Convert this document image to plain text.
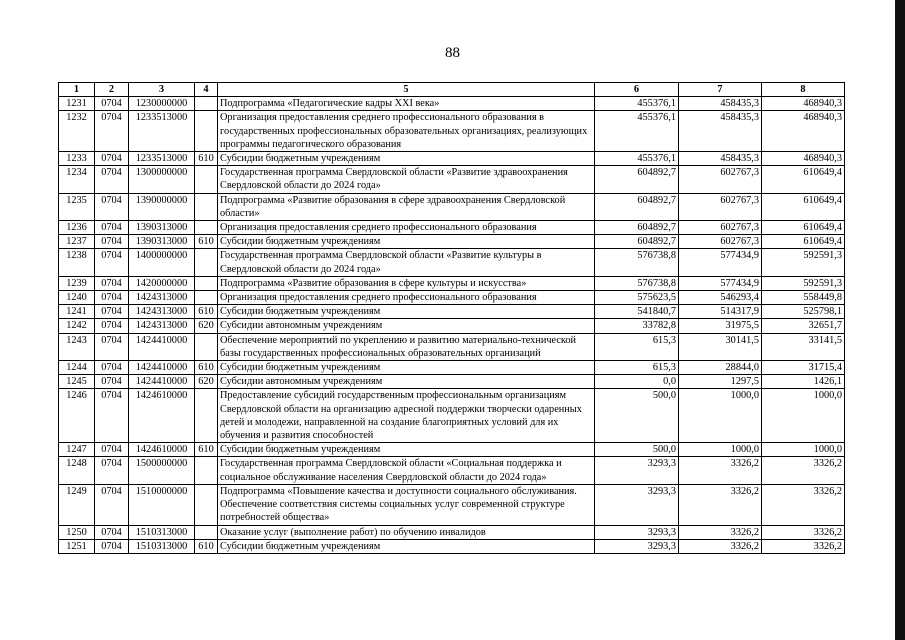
88
1	2	3	4	5	6	7	8
1231	0704	1230000000		Подпрограмма «Педагогические кадры XXI века»	455376,1	458435,3	468940,3
1232	0704	1233513000		Организация предоставления среднего профессионального образования в государственных профессиональных образовательных организациях, реализующих программы педагогического образования	455376,1	458435,3	468940,3
1233	0704	1233513000	610	Субсидии бюджетным учреждениям	455376,1	458435,3	468940,3
1234	0704	1300000000		Государственная программа Свердловской области «Развитие здравоохранения Свердловской области до 2024 года»	604892,7	602767,3	610649,4
1235	0704	1390000000		Подпрограмма «Развитие образования в сфере здравоохранения Свердловской области»	604892,7	602767,3	610649,4
1236	0704	1390313000		Организация предоставления среднего профессионального образования	604892,7	602767,3	610649,4
1237	0704	1390313000	610	Субсидии бюджетным учреждениям	604892,7	602767,3	610649,4
1238	0704	1400000000		Государственная программа Свердловской области «Развитие культуры в Свердловской области до 2024 года»	576738,8	577434,9	592591,3
1239	0704	1420000000		Подпрограмма «Развитие образования в сфере культуры и искусства»	576738,8	577434,9	592591,3
1240	0704	1424313000		Организация предоставления среднего профессионального образования	575623,5	546293,4	558449,8
1241	0704	1424313000	610	Субсидии бюджетным учреждениям	541840,7	514317,9	525798,1
1242	0704	1424313000	620	Субсидии автономным учреждениям	33782,8	31975,5	32651,7
1243	0704	1424410000		Обеспечение мероприятий по укреплению и развитию материально-технической базы государственных профессиональных образовательных организаций	615,3	30141,5	33141,5
1244	0704	1424410000	610	Субсидии бюджетным учреждениям	615,3	28844,0	31715,4
1245	0704	1424410000	620	Субсидии автономным учреждениям	0,0	1297,5	1426,1
1246	0704	1424610000		Предоставление субсидий государственным профессиональным организациям Свердловской области на организацию адресной поддержки творчески одаренных детей и молодежи, направленной на создание благоприятных условий для их обучения и развития способностей	500,0	1000,0	1000,0
1247	0704	1424610000	610	Субсидии бюджетным учреждениям	500,0	1000,0	1000,0
1248	0704	1500000000		Государственная программа Свердловской области «Социальная поддержка и социальное обслуживание населения Свердловской области до 2024 года»	3293,3	3326,2	3326,2
1249	0704	1510000000		Подпрограмма «Повышение качества и доступности социального обслуживания. Обеспечение соответствия системы социальных услуг современной структуре потребностей общества»	3293,3	3326,2	3326,2
1250	0704	1510313000		Оказание услуг (выполнение работ) по обучению инвалидов	3293,3	3326,2	3326,2
1251	0704	1510313000	610	Субсидии бюджетным учреждениям	3293,3	3326,2	3326,2
